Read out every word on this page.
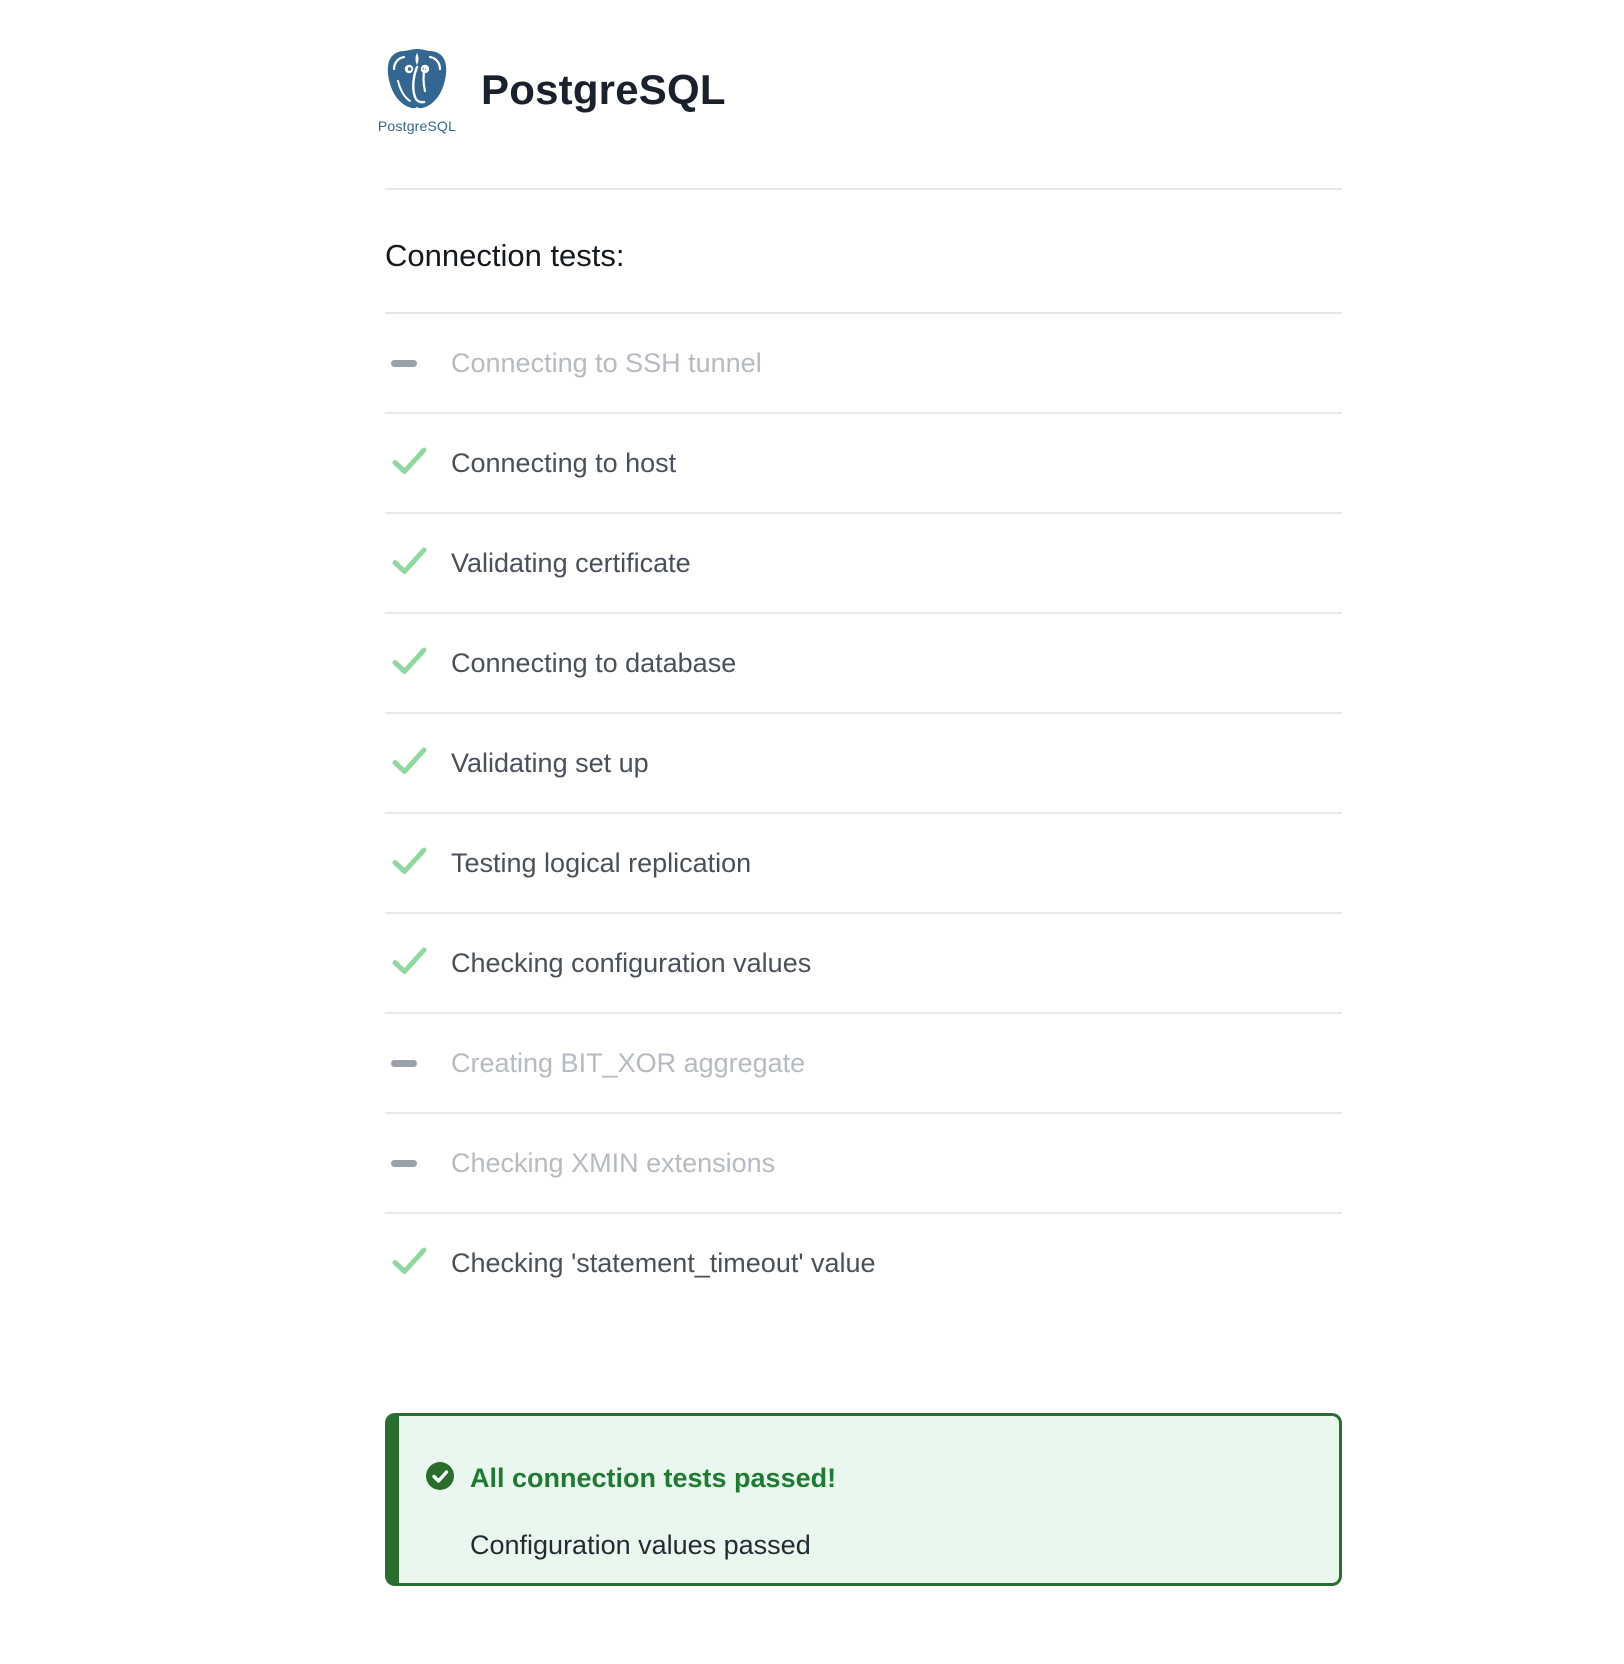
PostgreSQL
PostgreSQL
Connection tests:
Connecting to SSH tunnel
Connecting to host
Validating certificate
Connecting to database
Validating set up
Testing logical replication
Checking configuration values
Creating BIT_XOR aggregate
Checking XMIN extensions
Checking 'statement_timeout' value
All connection tests passed!
Configuration values passed
